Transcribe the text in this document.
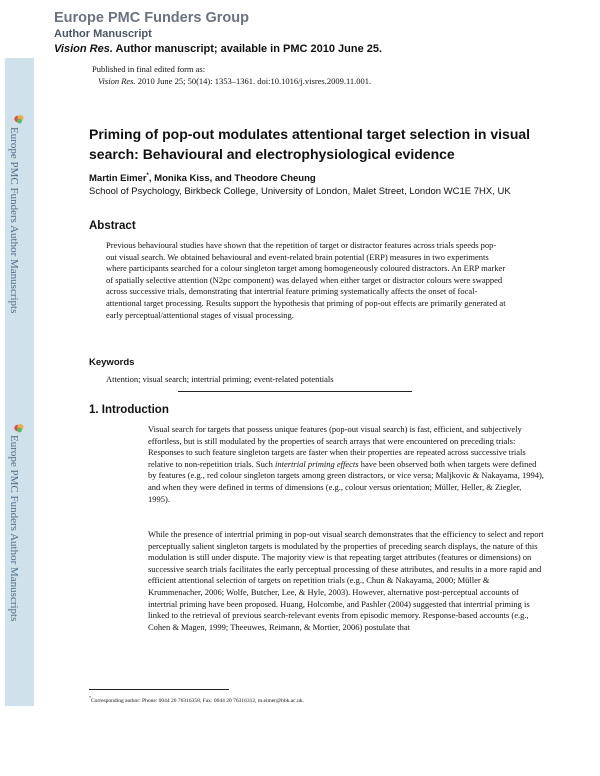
Europe PMC Funders Group
Author Manuscript
Vision Res. Author manuscript; available in PMC 2010 June 25.
Europe PMC Funders Author Manuscripts
Europe PMC Funders Author Manuscripts
Published in final edited form as:
Vision Res. 2010 June 25; 50(14): 1353–1361. doi:10.1016/j.visres.2009.11.001.
Priming of pop-out modulates attentional target selection in visual search: Behavioural and electrophysiological evidence
Martin Eimer*, Monika Kiss, and Theodore Cheung
School of Psychology, Birkbeck College, University of London, Malet Street, London WC1E 7HX, UK
Abstract
Previous behavioural studies have shown that the repetition of target or distractor features across trials speeds pop-out visual search. We obtained behavioural and event-related brain potential (ERP) measures in two experiments where participants searched for a colour singleton target among homogeneously coloured distractors. An ERP marker of spatially selective attention (N2pc component) was delayed when either target or distractor colours were swapped across successive trials, demonstrating that intertrial feature priming systematically affects the onset of focal-attentional target processing. Results support the hypothesis that priming of pop-out effects are primarily generated at early perceptual/attentional stages of visual processing.
Keywords
Attention; visual search; intertrial priming; event-related potentials
1. Introduction
Visual search for targets that possess unique features (pop-out visual search) is fast, efficient, and subjectively effortless, but is still modulated by the properties of search arrays that were encountered on preceding trials: Responses to such feature singleton targets are faster when their properties are repeated across successive trials relative to non-repetition trials. Such intertrial priming effects have been observed both when targets were defined by features (e.g., red colour singleton targets among green distractors, or vice versa; Maljkovic & Nakayama, 1994), and when they were defined in terms of dimensions (e.g., colour versus orientation; Müller, Heller, & Ziegler, 1995).
While the presence of intertrial priming in pop-out visual search demonstrates that the efficiency to select and report perceptually salient singleton targets is modulated by the properties of preceding search displays, the nature of this modulation is still under dispute. The majority view is that repeating target attributes (features or dimensions) on successive search trials facilitates the early perceptual processing of these attributes, and results in a more rapid and efficient attentional selection of targets on repetition trials (e.g., Chun & Nakayama, 2000; Müller & Krummenacher, 2006; Wolfe, Butcher, Lee, & Hyle, 2003). However, alternative post-perceptual accounts of intertrial priming have been proposed. Huang, Holcombe, and Pashler (2004) suggested that intertrial priming is linked to the retrieval of previous search-relevant events from episodic memory. Response-based accounts (e.g., Cohen & Magen, 1999; Theeuwes, Reimann, & Mortier, 2006) postulate that
*Corresponding author: Phone: 0044 20 76316358, Fax: 0044 20 76316312, m.eimer@bbk.ac.uk.
